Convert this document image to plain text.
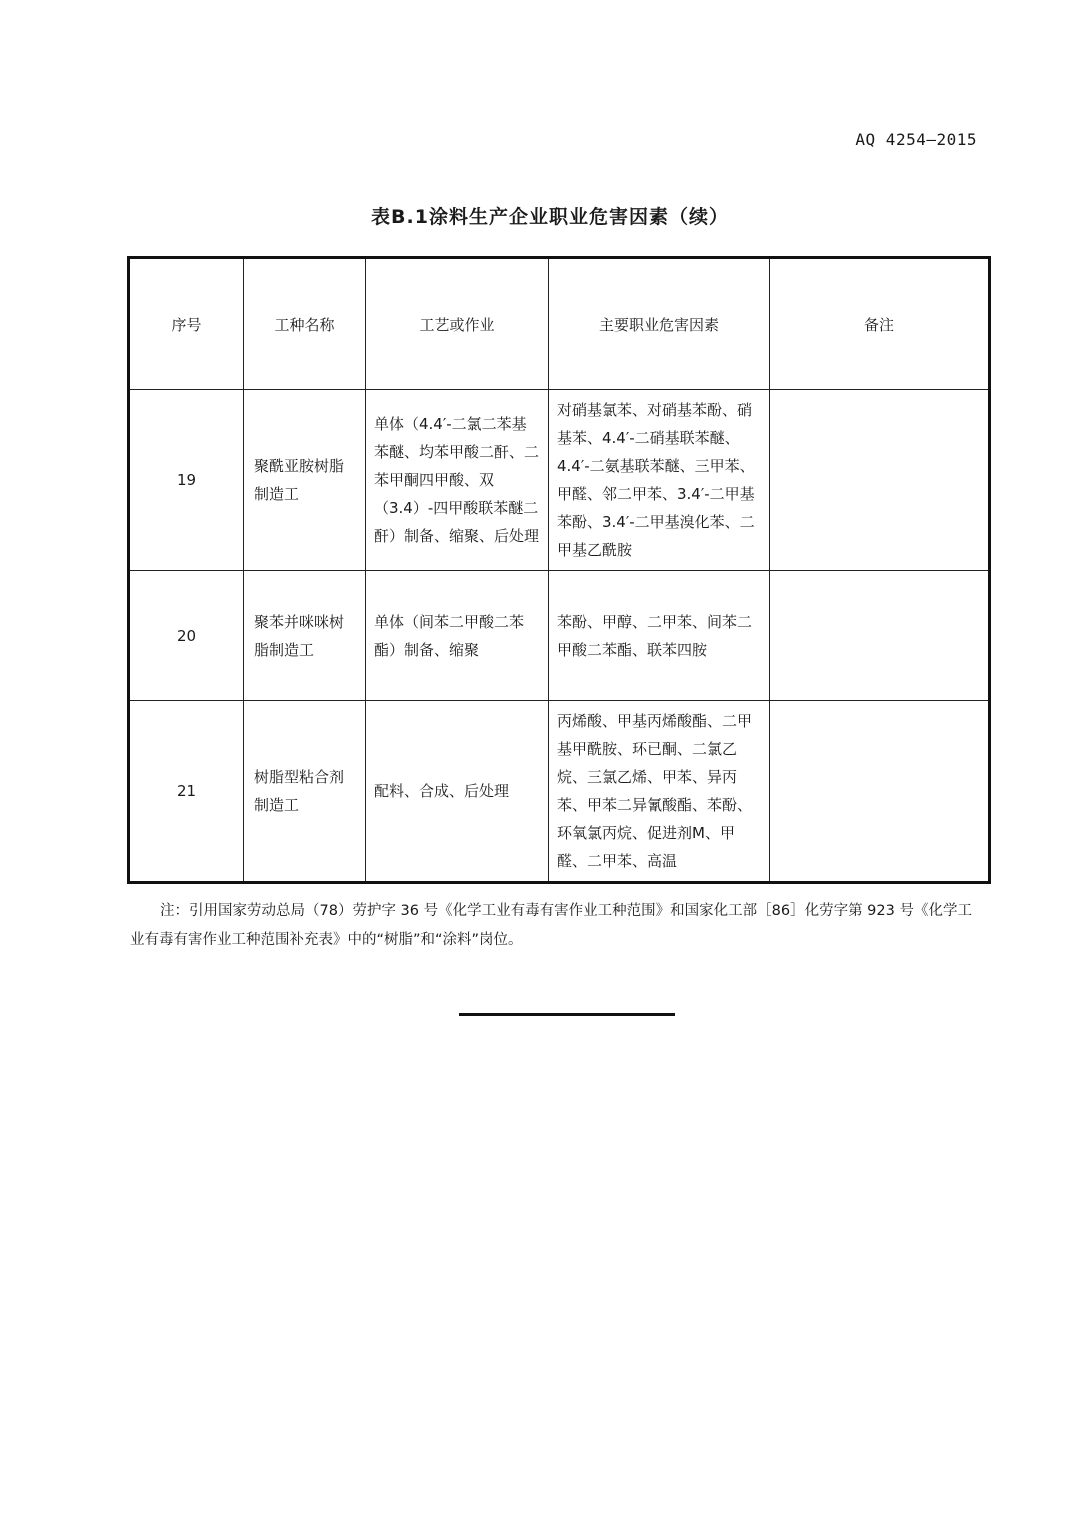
AQ 4254—2015
表B.1涂料生产企业职业危害因素（续）
序号	工种名称	工艺或作业	主要职业危害因素	备注
19	聚酰亚胺树脂制造工	单体（4.4′-二氯二苯基苯醚、均苯甲酸二酐、二苯甲酮四甲酸、双（3.4）-四甲酸联苯醚二酐）制备、缩聚、后处理	对硝基氯苯、对硝基苯酚、硝基苯、4.4′-二硝基联苯醚、4.4′-二氨基联苯醚、三甲苯、甲醛、邻二甲苯、3.4′-二甲基苯酚、3.4′-二甲基溴化苯、二甲基乙酰胺	
20	聚苯并咪咪树脂制造工	单体（间苯二甲酸二苯酯）制备、缩聚	苯酚、甲醇、二甲苯、间苯二甲酸二苯酯、联苯四胺	
21	树脂型粘合剂制造工	配料、合成、后处理	丙烯酸、甲基丙烯酸酯、二甲基甲酰胺、环已酮、二氯乙烷、三氯乙烯、甲苯、异丙苯、甲苯二异氰酸酯、苯酚、环氧氯丙烷、促进剂M、甲醛、二甲苯、高温	
注：引用国家劳动总局（78）劳护字 36 号《化学工业有毒有害作业工种范围》和国家化工部［86］化劳字第 923 号《化学工业有毒有害作业工种范围补充表》中的“树脂”和“涂料”岗位。
